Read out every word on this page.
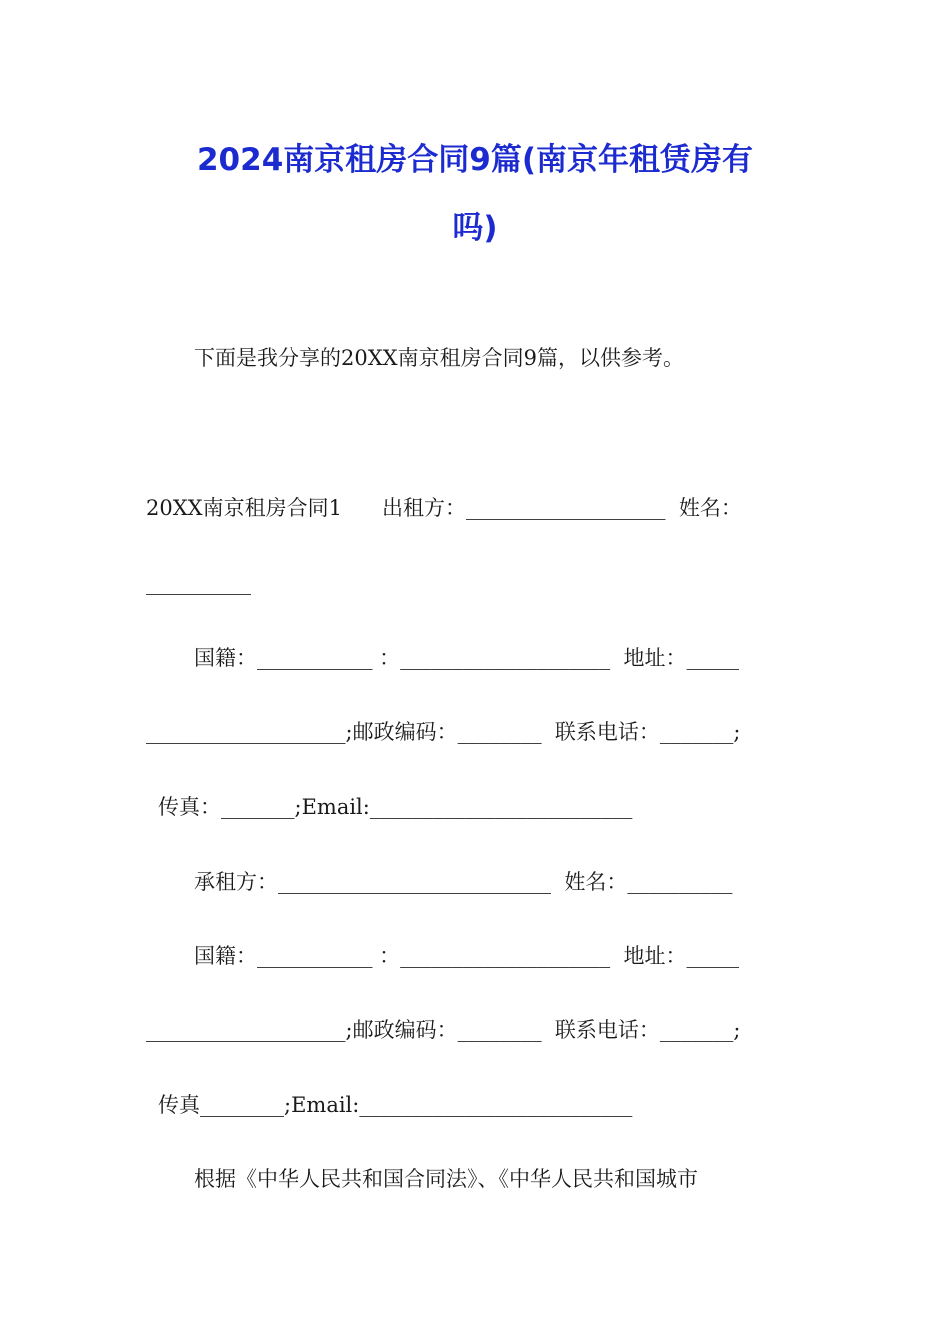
2024南京租房合同9篇(南京年租赁房有
吗)

下面是我分享的20XX南京租房合同9篇，以供参考。

20XX南京租房合同1      出租方：___________________  姓名：

__________

国籍：___________ ：____________________  地址：_____

___________________;邮政编码：________  联系电话：_______;

传真：_______;Email:_________________________

承租方：__________________________  姓名：__________

国籍：___________ ：____________________  地址：_____

___________________;邮政编码：________  联系电话：_______;

传真________;Email:__________________________

根据《中华人民共和国合同法》、《中华人民共和国城市
